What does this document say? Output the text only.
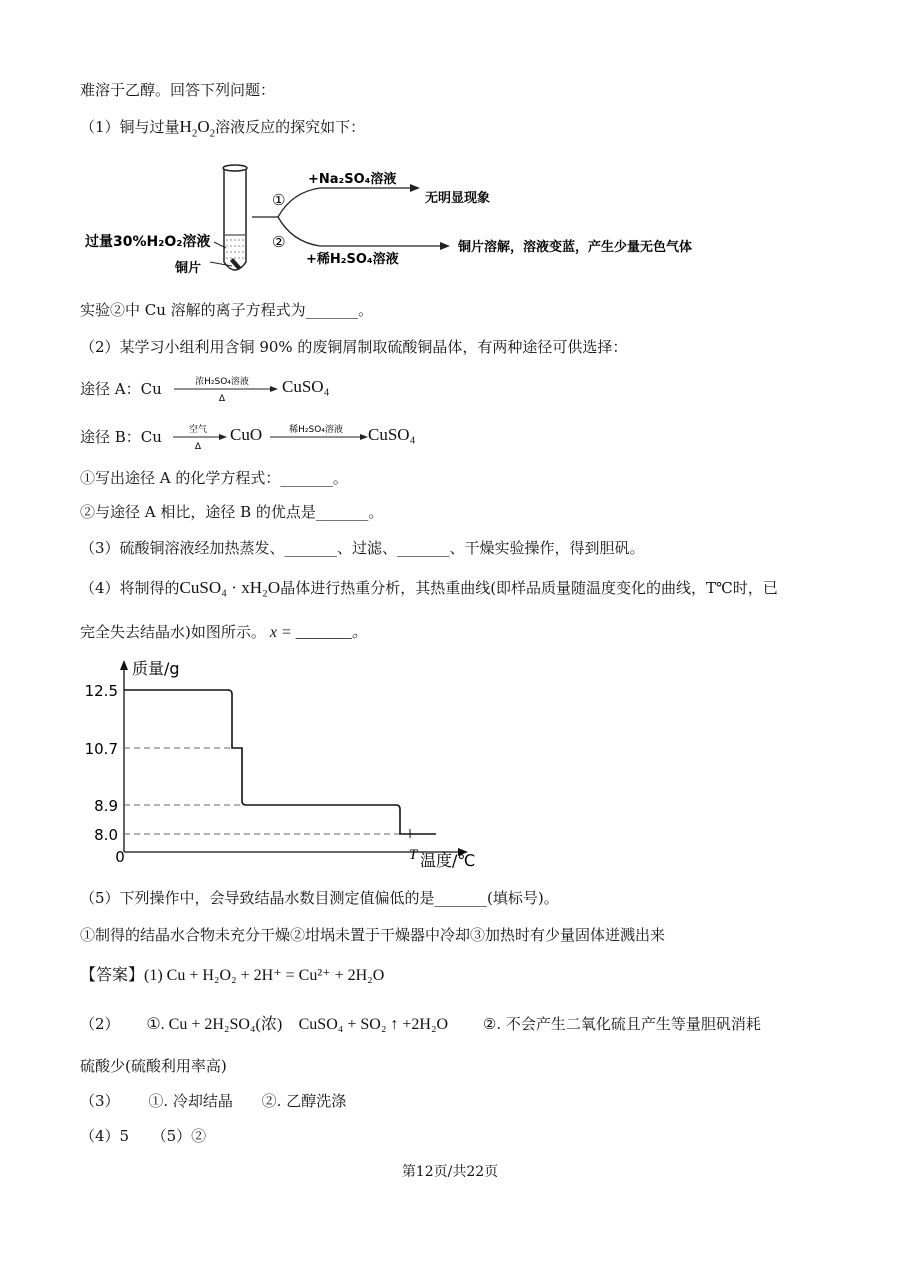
难溶于乙醇。回答下列问题：
（1）铜与过量$H_2O_2$溶液反应的探究如下：
过量30%H₂O₂溶液
铜片
①
②
+Na₂SO₄溶液
+稀H₂SO₄溶液
无明显现象
铜片溶解，溶液变蓝，产生少量无色气体
实验②中 Cu 溶解的离子方程式为_______。
（2）某学习小组利用含铜 90% 的废铜屑制取硫酸铜晶体，有两种途径可供选择：
途径 A：Cu	浓H₂SO₄溶液
Δ
CuSO₄
途径 B：Cu	空气
Δ
CuO	稀H₂SO₄溶液 CuSO₄
①写出途径 A 的化学方程式：_______。
②与途径 A 相比，途径 B 的优点是_______。
（3）硫酸铜溶液经加热蒸发、_______、过滤、_______、干燥实验操作，得到胆矾。
（4）将制得的CuSO₄ · xH₂O晶体进行热重分析，其热重曲线(即样品质量随温度变化的曲线，T℃时，已
完全失去结晶水)如图所示。 x = _______。
质量/g
温度/℃
0
12.5
10.7
8.9
8.0
T
（5）下列操作中，会导致结晶水数目测定值偏低的是_______(填标号)。
①制得的结晶水合物未充分干燥②坩埚未置于干燥器中冷却③加热时有少量固体迸溅出来
【答案】(1) Cu + H₂O₂ + 2H⁺ = Cu²⁺ + 2H₂O
（2） ①. Cu + 2H₂SO₄(浓)⃞ CuSO₄ + SO₂ ↑ +2H₂O ②. 不会产生二氧化硫且产生等量胆矾消耗
硫酸少(硫酸利用率高)
（3） ①. 冷却结晶 ②. 乙醇洗涤
（4）5　　（5）②
第12页/共22页
